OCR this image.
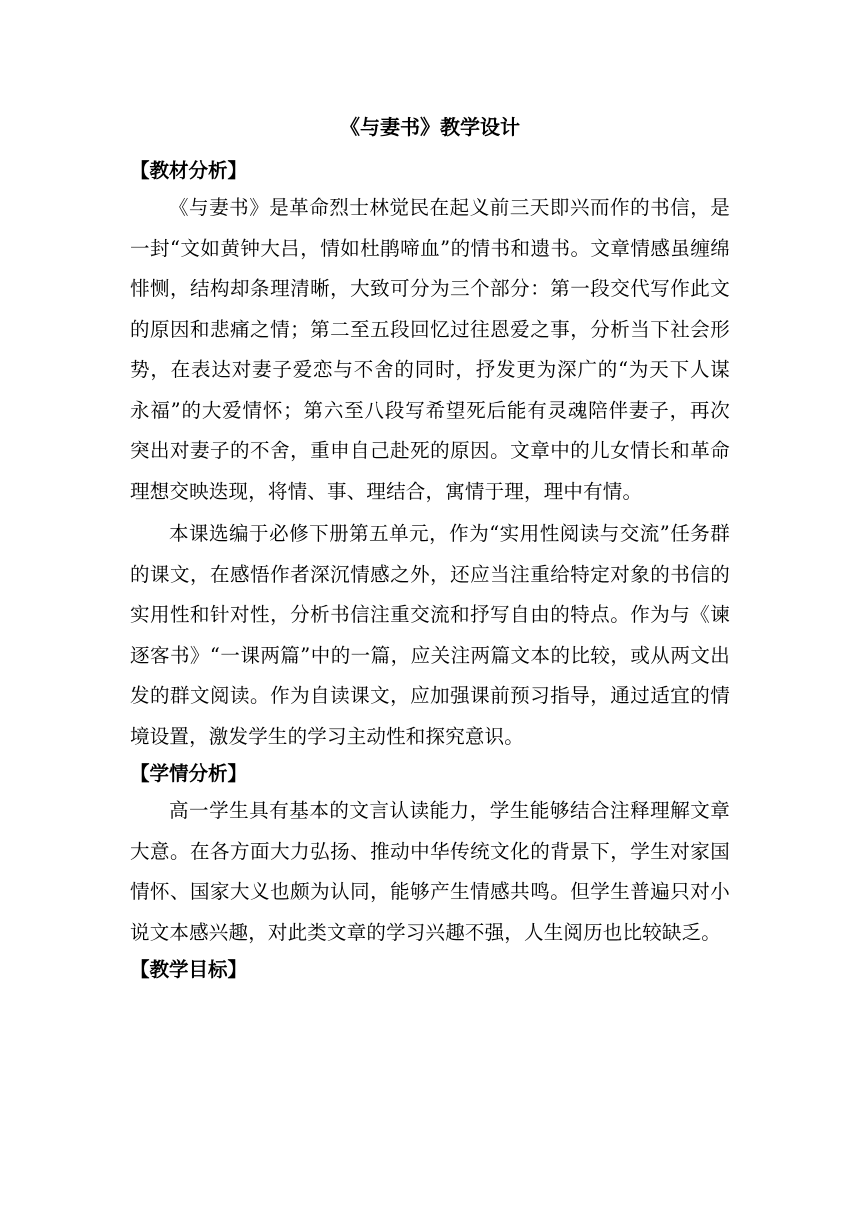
《与妻书》教学设计
【教材分析】

《与妻书》是革命烈士林觉民在起义前三天即兴而作的书信，是一封“文如黄钟大吕，情如杜鹃啼血”的情书和遗书。文章情感虽缠绵悱恻，结构却条理清晰，大致可分为三个部分：第一段交代写作此文的原因和悲痛之情；第二至五段回忆过往恩爱之事，分析当下社会形势，在表达对妻子爱恋与不舍的同时，抒发更为深广的“为天下人谋永福”的大爱情怀；第六至八段写希望死后能有灵魂陪伴妻子，再次突出对妻子的不舍，重申自己赴死的原因。文章中的儿女情长和革命理想交映迭现，将情、事、理结合，寓情于理，理中有情。

本课选编于必修下册第五单元，作为“实用性阅读与交流”任务群的课文，在感悟作者深沉情感之外，还应当注重给特定对象的书信的实用性和针对性，分析书信注重交流和抒写自由的特点。作为与《谏逐客书》“一课两篇”中的一篇，应关注两篇文本的比较，或从两文出发的群文阅读。作为自读课文，应加强课前预习指导，通过适宜的情境设置，激发学生的学习主动性和探究意识。

【学情分析】

高一学生具有基本的文言认读能力，学生能够结合注释理解文章大意。在各方面大力弘扬、推动中华传统文化的背景下，学生对家国情怀、国家大义也颇为认同，能够产生情感共鸣。但学生普遍只对小说文本感兴趣，对此类文章的学习兴趣不强，人生阅历也比较缺乏。

【教学目标】
